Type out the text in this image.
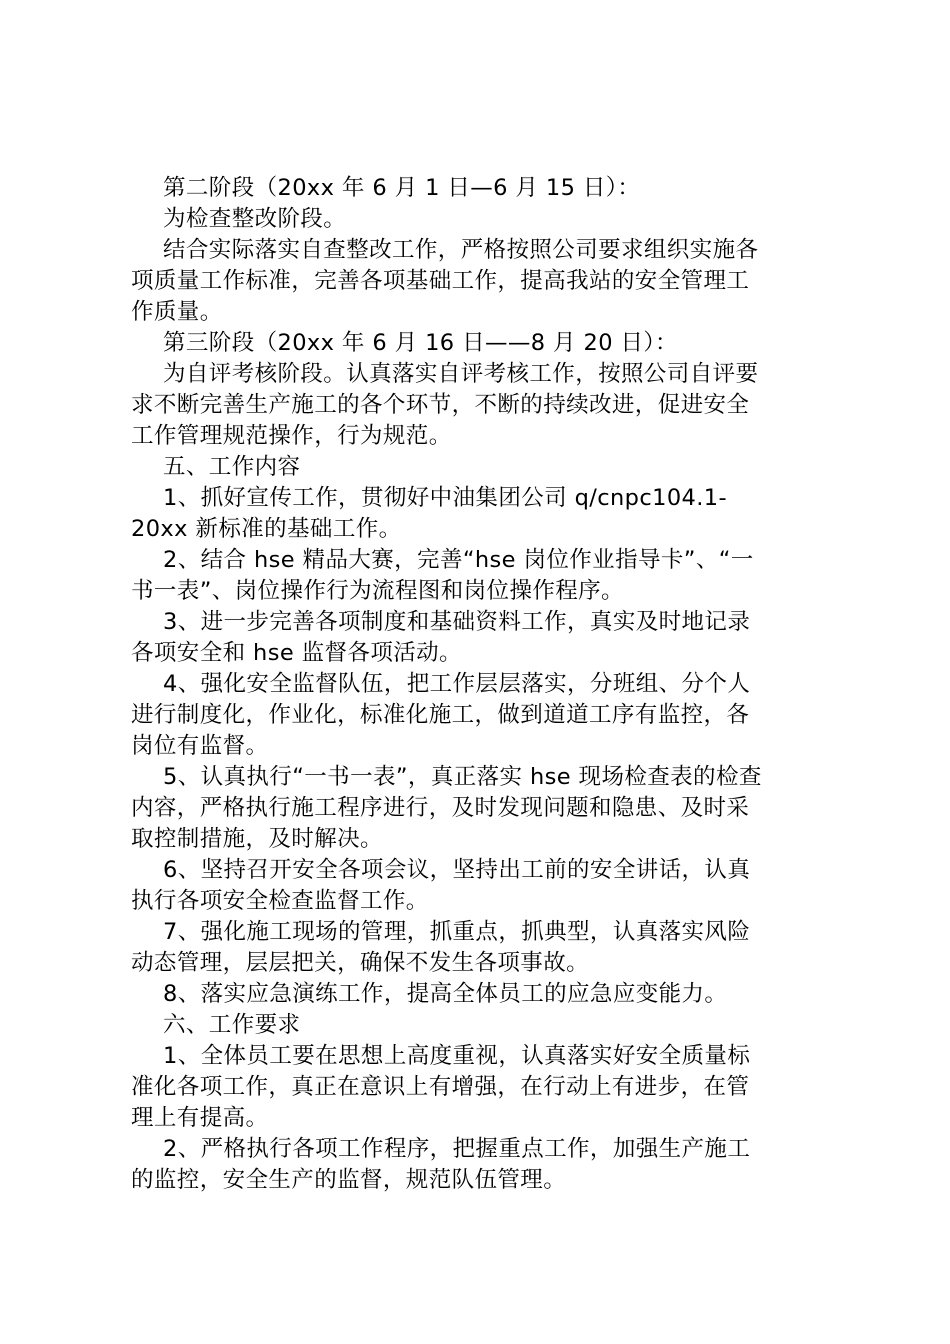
第二阶段（20xx 年 6 月 1 日—6 月 15 日）：
为检查整改阶段。
结合实际落实自查整改工作，严格按照公司要求组织实施各
项质量工作标准，完善各项基础工作，提高我站的安全管理工
作质量。
第三阶段（20xx 年 6 月 16 日——8 月 20 日）：
为自评考核阶段。认真落实自评考核工作，按照公司自评要
求不断完善生产施工的各个环节，不断的持续改进，促进安全
工作管理规范操作，行为规范。
五、工作内容
1、抓好宣传工作，贯彻好中油集团公司 q/cnpc104.1-
20xx 新标准的基础工作。
2、结合 hse 精品大赛，完善“hse 岗位作业指导卡”、“一
书一表”、岗位操作行为流程图和岗位操作程序。
3、进一步完善各项制度和基础资料工作，真实及时地记录
各项安全和 hse 监督各项活动。
4、强化安全监督队伍，把工作层层落实，分班组、分个人
进行制度化，作业化，标准化施工，做到道道工序有监控，各
岗位有监督。
5、认真执行“一书一表”，真正落实 hse 现场检查表的检查
内容，严格执行施工程序进行，及时发现问题和隐患、及时采
取控制措施，及时解决。
6、坚持召开安全各项会议，坚持出工前的安全讲话，认真
执行各项安全检查监督工作。
7、强化施工现场的管理，抓重点，抓典型，认真落实风险
动态管理，层层把关，确保不发生各项事故。
8、落实应急演练工作，提高全体员工的应急应变能力。
六、工作要求
1、全体员工要在思想上高度重视，认真落实好安全质量标
准化各项工作，真正在意识上有增强，在行动上有进步，在管
理上有提高。
2、严格执行各项工作程序，把握重点工作，加强生产施工
的监控，安全生产的监督，规范队伍管理。
